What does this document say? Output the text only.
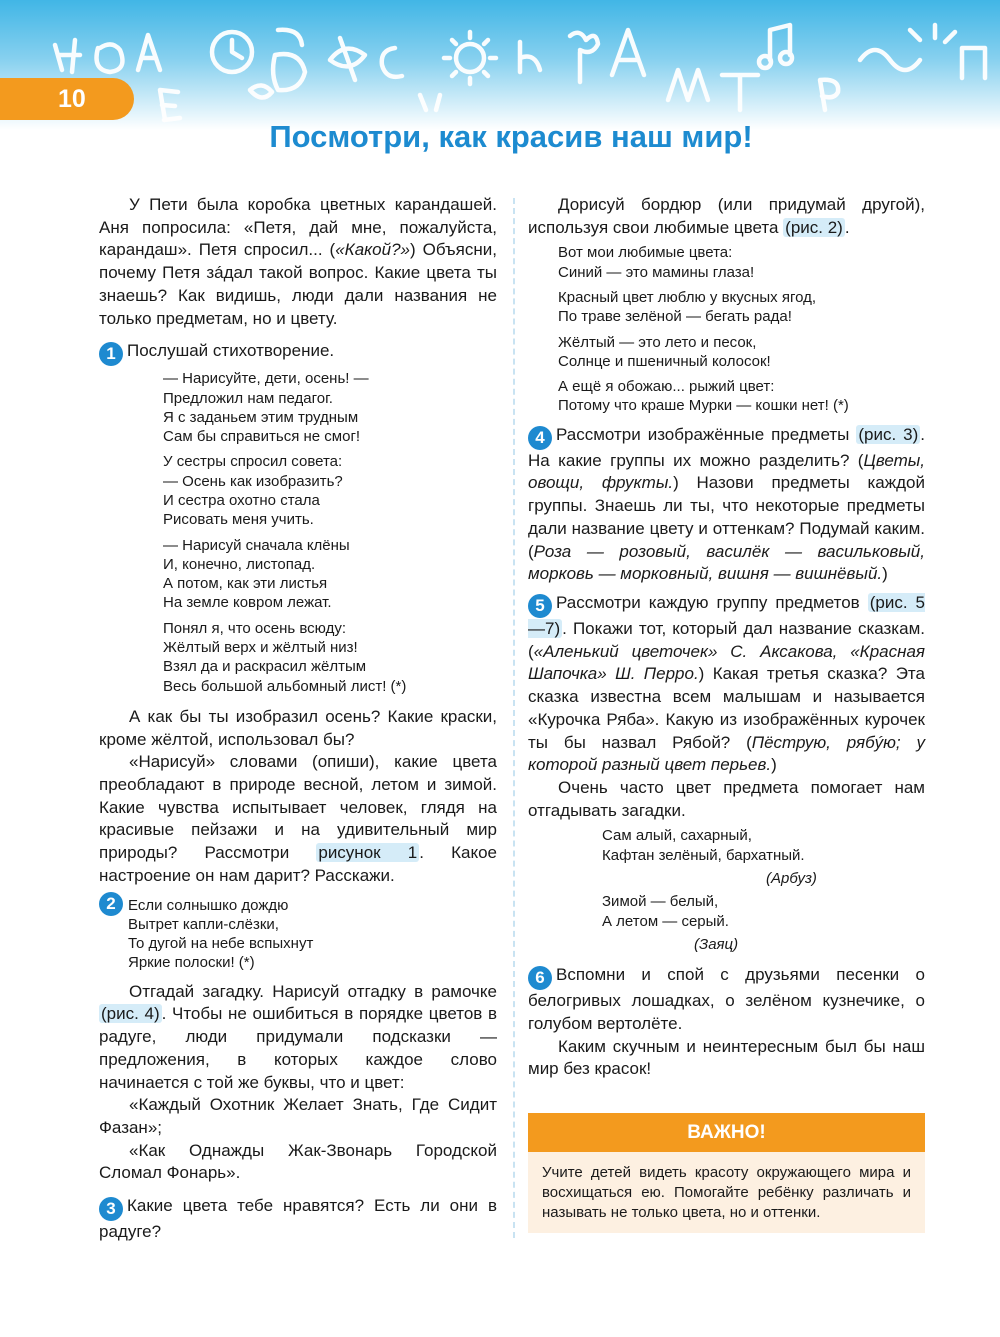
10
Посмотри, как красив наш мир!

У Пети была коробка цветных карандашей. Аня попросила: «Петя, дай мне, пожалуйста, карандаш». Петя спросил... («Какой?») Объясни, почему Петя зáдал такой вопрос. Какие цвета ты знаешь? Как видишь, люди дали названия не только предметам, но и цвету.

1 Послушай стихотворение.

— Нарисуйте, дети, осень! —
Предложил нам педагог.
Я с заданьем этим трудным
Сам бы справиться не смог!
У сестры спросил совета:
— Осень как изобразить?
И сестра охотно стала
Рисовать меня учить.
— Нарисуй сначала клёны
И, конечно, листопад.
А потом, как эти листья
На земле ковром лежат.
Понял я, что осень всюду:
Жёлтый верх и жёлтый низ!
Взял да и раскрасил жёлтым
Весь большой альбомный лист! (*)

А как бы ты изобразил осень? Какие краски, кроме жёлтой, использовал бы?

«Нарисуй» словами (опиши), какие цвета преобладают в природе весной, летом и зимой. Какие чувства испытывает человек, глядя на красивые пейзажи и на удивительный мир природы? Рассмотри рисунок 1 . Какое настроение он нам дарит? Расскажи.

2 Если солнышко дождю
Вытрет капли-слёзки,
То дугой на небе вспыхнут
Яркие полоски! (*)

Отгадай загадку. Нарисуй отгадку в рамочке (рис. 4) . Чтобы не ошибиться в порядке цветов в радуге, люди придумали подсказки — предложения, в которых каждое слово начинается с той же буквы, что и цвет:

«Каждый Охотник Желает Знать, Где Сидит Фазан»;

«Как Однажды Жак-Звонарь Городской Сломал Фонарь».

3 Какие цвета тебе нравятся? Есть ли они в радуге?

Дорисуй бордюр (или придумай другой), используя свои любимые цвета (рис. 2) .

Вот мои любимые цвета:
Синий — это мамины глаза!
Красный цвет люблю у вкусных ягод,
По траве зелёной — бегать рада!
Жёлтый — это лето и песок,
Солнце и пшеничный колосок!
А ещё я обожаю... рыжий цвет:
Потому что краше Мурки — кошки нет! (*)

4 Рассмотри изображённые предметы (рис. 3) . На какие группы их можно разделить? (Цветы, овощи, фрукты.) Назови предметы каждой группы. Знаешь ли ты, что некоторые предметы дали название цвету и оттенкам? Подумай каким. (Роза — розовый, василёк — васильковый, морковь — морковный, вишня — вишнёвый.)

5 Рассмотри каждую группу предметов (рис. 5—7) . Покажи тот, который дал название сказкам. («Аленький цветочек» С. Аксакова, «Красная Шапочка» Ш. Перро.) Какая третья сказка? Эта сказка известна всем малышам и называется «Курочка Ряба». Какую из изображённых курочек ты бы назвал Рябой? (Пёструю, рябýю; у которой разный цвет перьев.)

Очень часто цвет предмета помогает нам отгадывать загадки.

Сам алый, сахарный,
Кафтан зелёный, бархатный.
(Арбуз)
Зимой — белый,
А летом — серый.
(Заяц)

6 Вспомни и спой с друзьями песенки о белогривых лошадках, о зелёном кузнечике, о голубом вертолёте.

Каким скучным и неинтересным был бы наш мир без красок!

ВАЖНО!
Учите детей видеть красоту окружающего мира и восхищаться ею. Помогайте ребёнку различать и называть не только цвета, но и оттенки.
